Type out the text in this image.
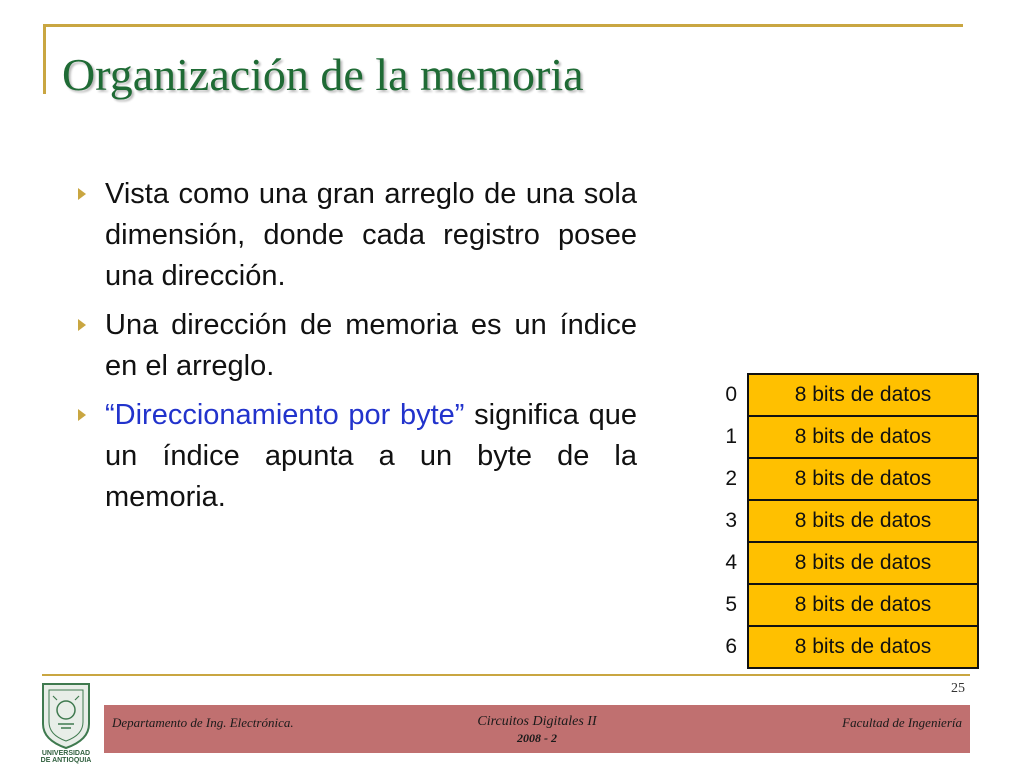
Organización de la memoria
Vista como una gran arreglo de una sola dimensión, donde cada registro posee una dirección.
Una dirección de memoria es un índice en el arreglo.
“Direccionamiento por byte” significa que un índice apunta a un byte de la memoria.
0	8 bits de datos
1	8 bits de datos
2	8 bits de datos
3	8 bits de datos
4	8 bits de datos
5	8 bits de datos
6	8 bits de datos
25
UNIVERSIDAD
DE ANTIOQUIA
Departamento de Ing. Electrónica.	Circuitos Digitales II
2008 - 2
Facultad de Ingeniería
